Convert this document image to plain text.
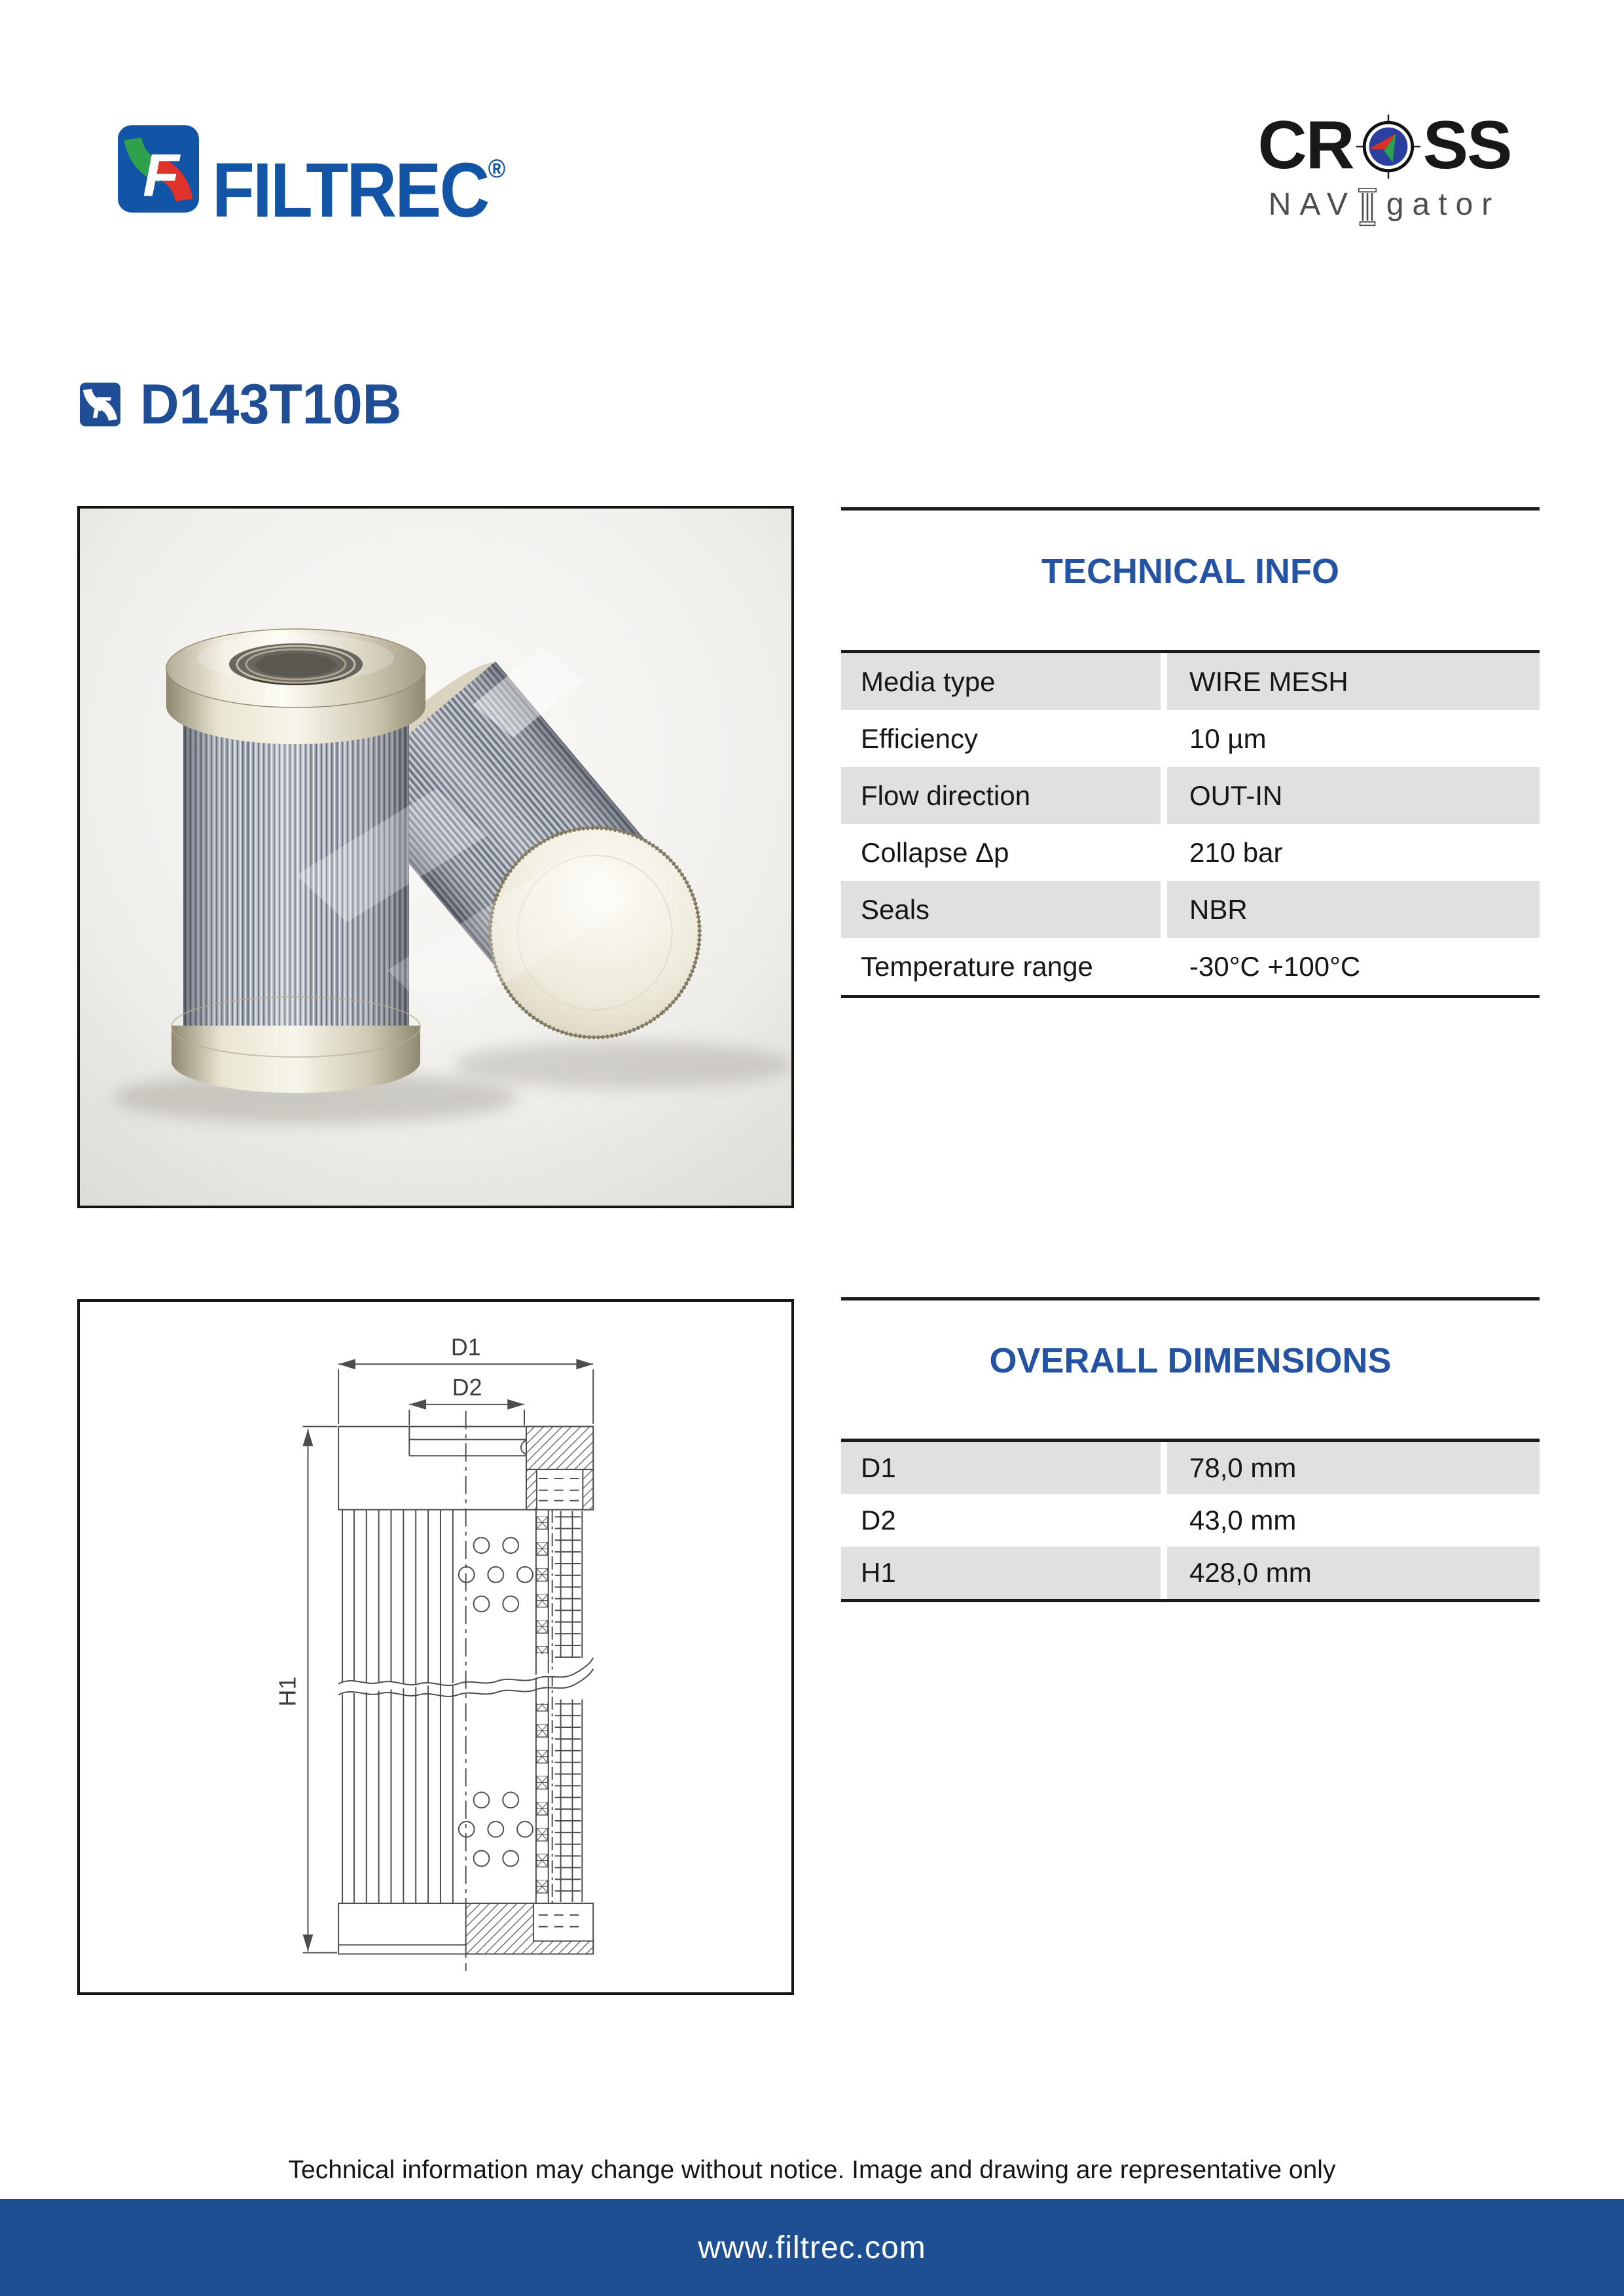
F FILTREC®	CR SS
NAV gator
F D143T10B
TECHNICAL INFO
Media type	WIRE MESH
Efficiency	10 µm
Flow direction	OUT-IN
Collapse Δp	210 bar
Seals	NBR
Temperature range	-30°C +100°C
D1
D2
H1
OVERALL DIMENSIONS
D1	78,0 mm
D2	43,0 mm
H1	428,0 mm
Technical information may change without notice. Image and drawing are representative only
www.filtrec.com
